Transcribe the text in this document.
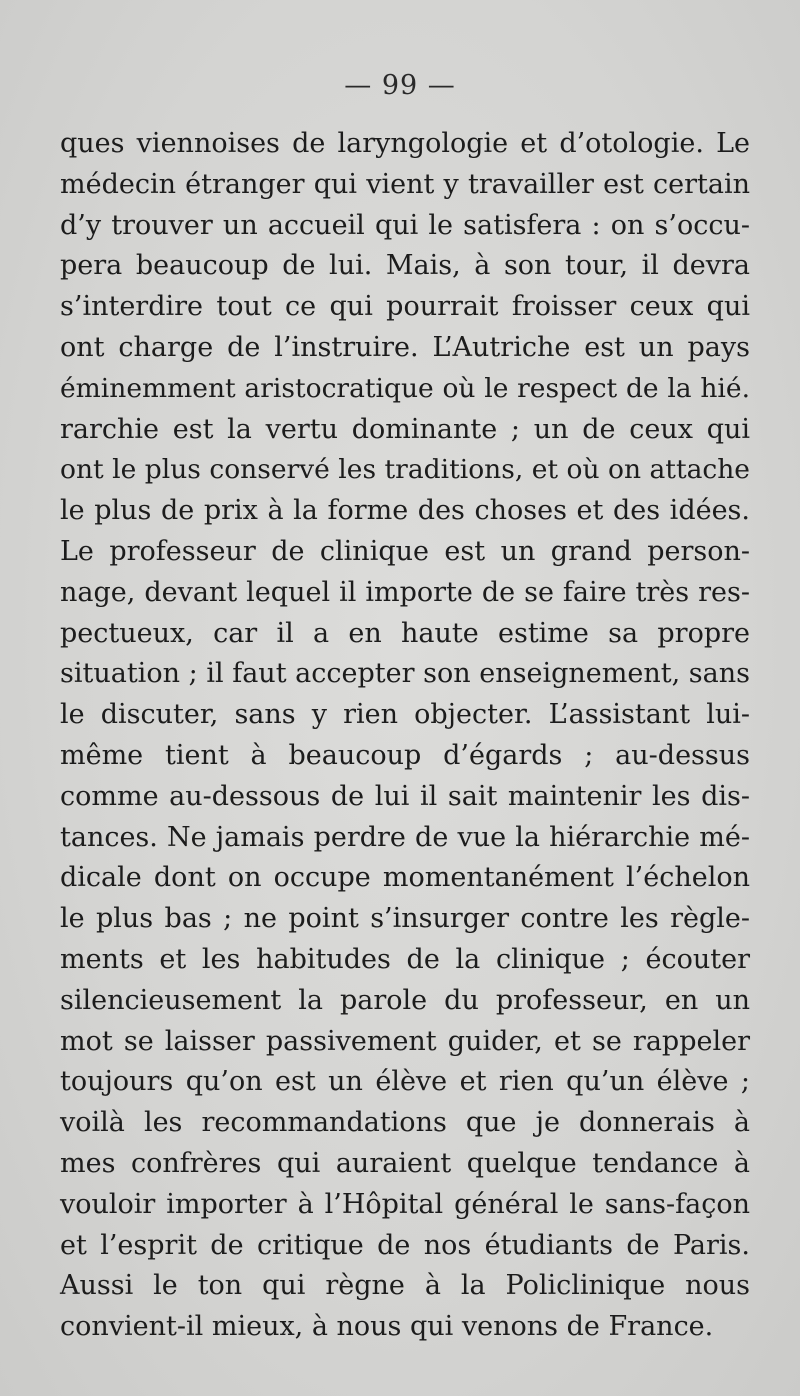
— 99 —
ques viennoises de laryngologie et d’otologie. Le
médecin étranger qui vient y travailler est certain
d’y trouver un accueil qui le satisfera : on s’occu-
pera beaucoup de lui. Mais, à son tour, il devra
s’interdire tout ce qui pourrait froisser ceux qui
ont charge de l’instruire. L’Autriche est un pays
éminemment aristocratique où le respect de la hié.
rarchie est la vertu dominante ; un de ceux qui
ont le plus conservé les traditions, et où on attache
le plus de prix à la forme des choses et des idées.
Le professeur de clinique est un grand person-
nage, devant lequel il importe de se faire très res-
pectueux, car il a en haute estime sa propre
situation ; il faut accepter son enseignement, sans
le discuter, sans y rien objecter. L’assistant lui-
même tient à beaucoup d’égards ; au-dessus
comme au-dessous de lui il sait maintenir les dis-
tances. Ne jamais perdre de vue la hiérarchie mé-
dicale dont on occupe momentanément l’échelon
le plus bas ; ne point s’insurger contre les règle-
ments et les habitudes de la clinique ; écouter
silencieusement la parole du professeur, en un
mot se laisser passivement guider, et se rappeler
toujours qu’on est un élève et rien qu’un élève ;
voilà les recommandations que je donnerais à
mes confrères qui auraient quelque tendance à
vouloir importer à l’Hôpital général le sans-façon
et l’esprit de critique de nos étudiants de Paris.
Aussi le ton qui règne à la Policlinique nous
convient-il mieux, à nous qui venons de France.
